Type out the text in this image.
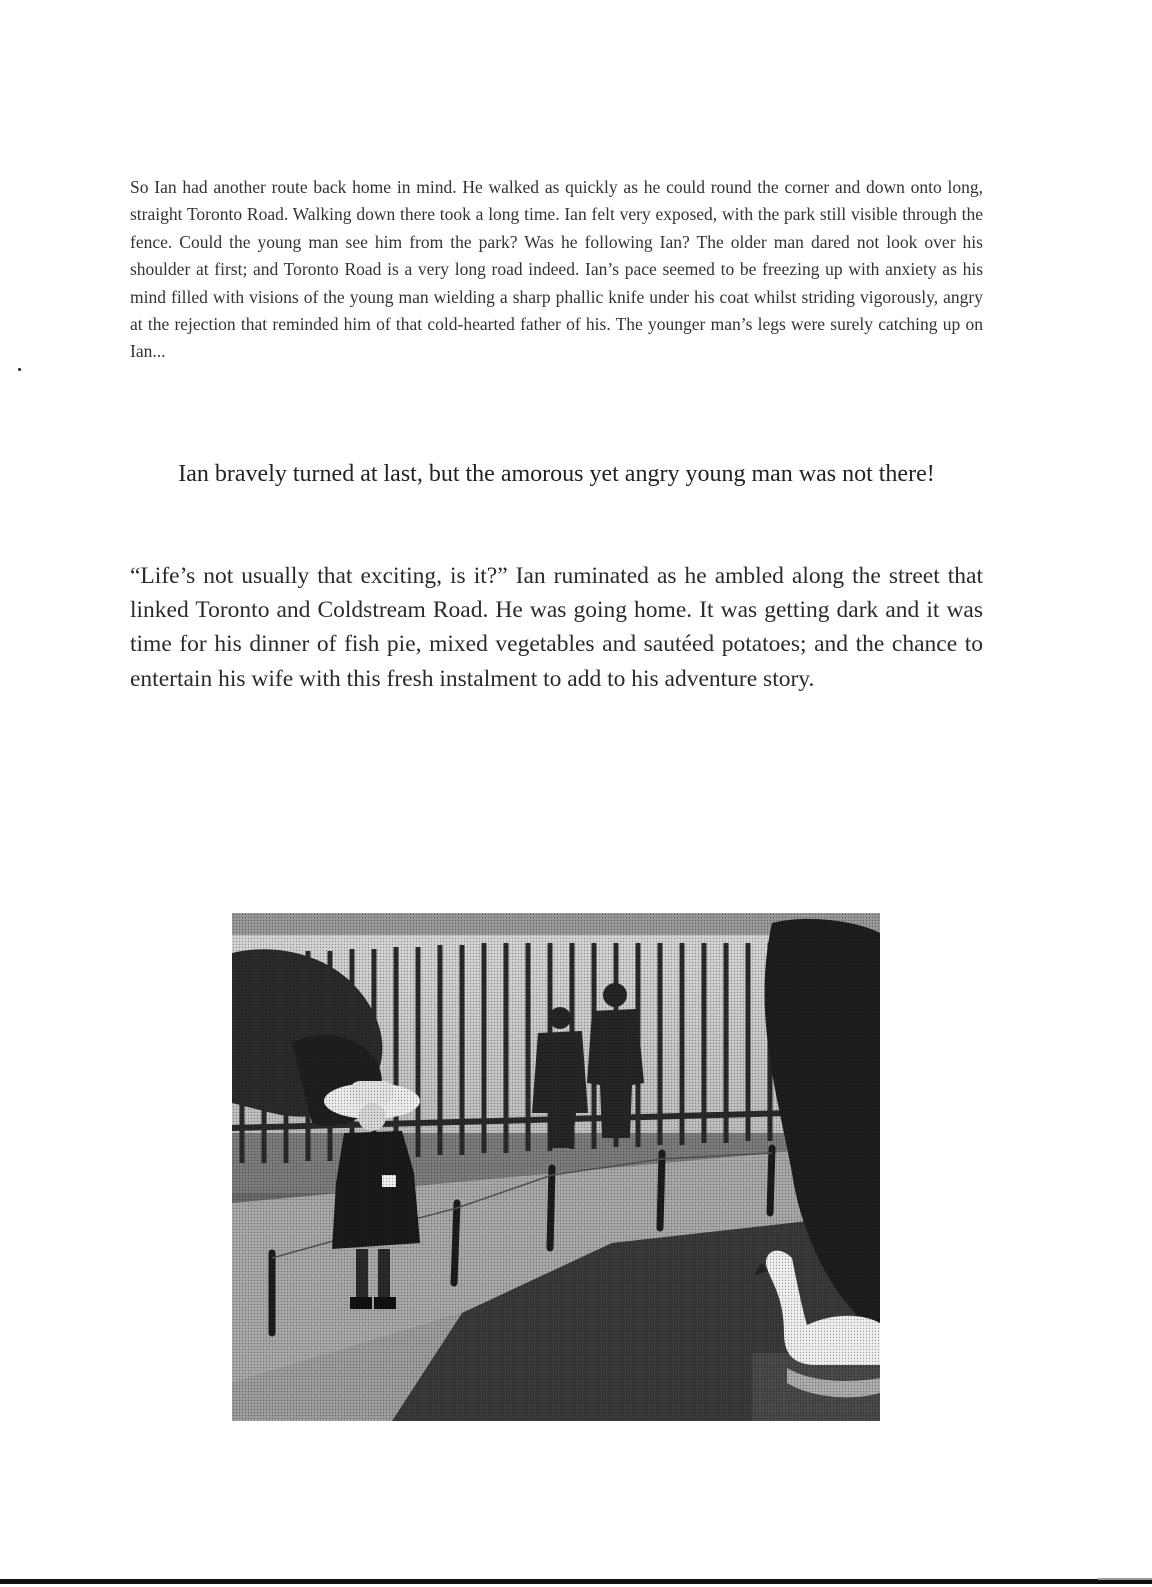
So Ian had another route back home in mind. He walked as quickly as he could round the corner and down onto long, straight Toronto Road. Walking down there took a long time. Ian felt very exposed, with the park still visible through the fence. Could the young man see him from the park? Was he following Ian? The older man dared not look over his shoulder at first; and Toronto Road is a very long road indeed. Ian’s pace seemed to be freezing up with anxiety as his mind filled with visions of the young man wielding a sharp phallic knife under his coat whilst striding vigorously, angry at the rejection that reminded him of that cold-hearted father of his. The younger man’s legs were surely catching up on Ian...

Ian bravely turned at last, but the amorous yet angry young man was not there!

“Life’s not usually that exciting, is it?” Ian ruminated as he ambled along the street that linked Toronto and Coldstream Road. He was going home. It was getting dark and it was time for his dinner of fish pie, mixed vegetables and sautéed potatoes; and the chance to entertain his wife with this fresh instalment to add to his adventure story.
